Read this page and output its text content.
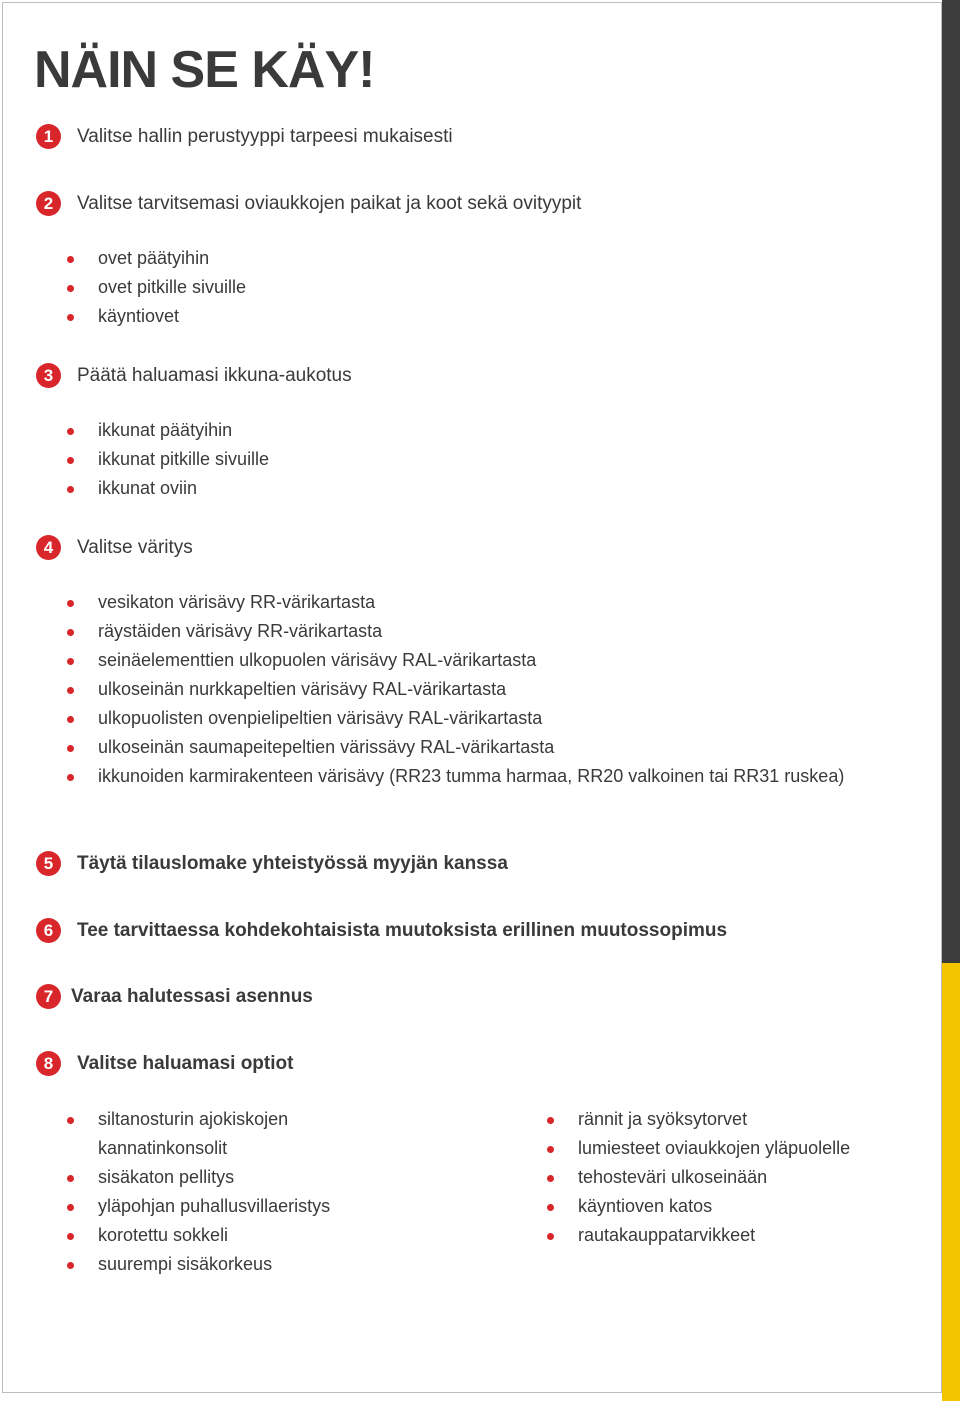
NÄIN SE KÄY!
1	Valitse hallin perustyyppi tarpeesi mukaisesti
2	Valitse tarvitsemasi oviaukkojen paikat ja koot sekä ovityypit
ovet päätyihin
ovet pitkille sivuille
käyntiovet
3	Päätä haluamasi ikkuna-aukotus
ikkunat päätyihin
ikkunat pitkille sivuille
ikkunat oviin
4	Valitse väritys
vesikaton värisävy RR-värikartasta
räystäiden värisävy RR-värikartasta
seinäelementtien ulkopuolen värisävy RAL-värikartasta
ulkoseinän nurkkapeltien värisävy RAL-värikartasta
ulkopuolisten ovenpielipeltien värisävy RAL-värikartasta
ulkoseinän saumapeitepeltien värissävy RAL-värikartasta
ikkunoiden karmirakenteen värisävy (RR23 tumma harmaa, RR20 valkoinen tai RR31 ruskea)
5	Täytä tilauslomake yhteistyössä myyjän kanssa
6	Tee tarvittaessa kohdekohtaisista muutoksista erillinen muutossopimus
7 Varaa halutessasi asennus
8	Valitse haluamasi optiot
siltanosturin ajokiskojen kannatinkonsolit
sisäkaton pellitys
yläpohjan puhallusvillaeristys
korotettu sokkeli
suurempi sisäkorkeus
rännit ja syöksytorvet
lumiesteet oviaukkojen yläpuolelle
tehosteväri ulkoseinään
käyntioven katos
rautakauppatarvikkeet
